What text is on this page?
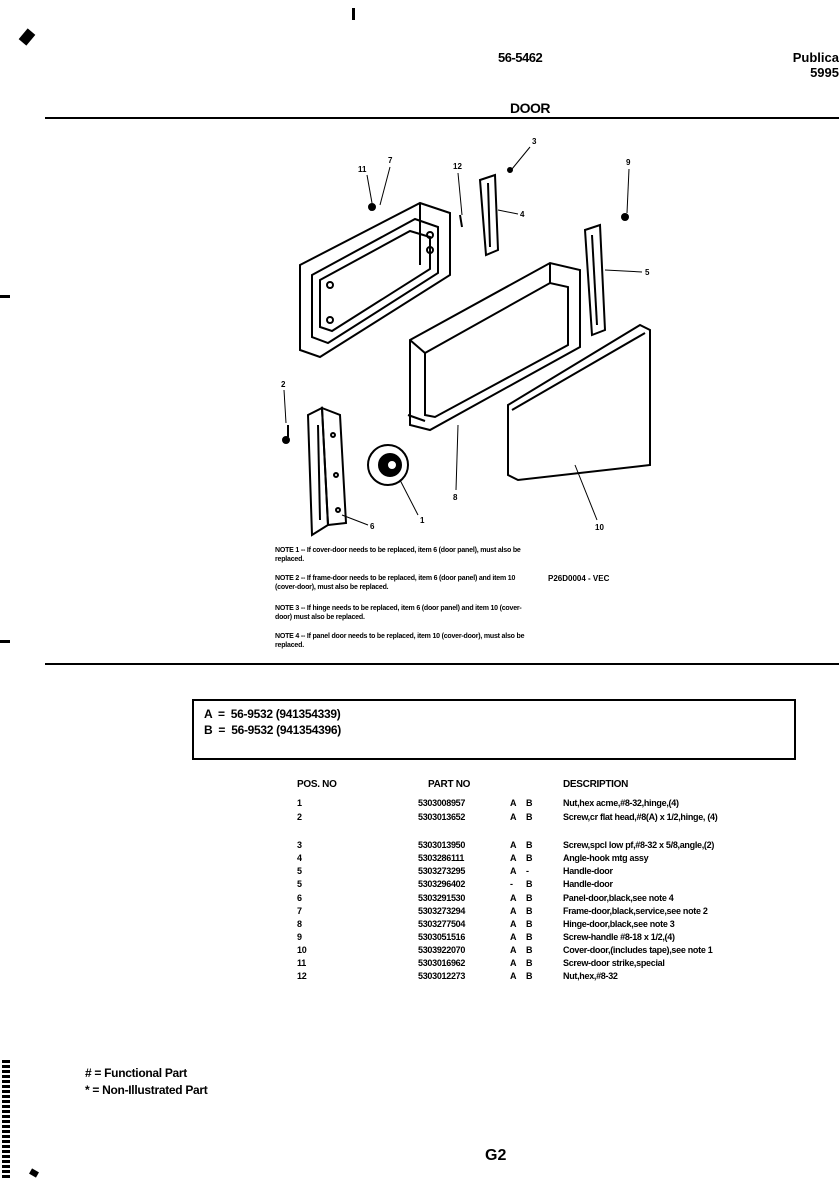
56-5462	Publica
5995
DOOR
11
7
12
3
4
9
5
2
8
6
1
10
NOTE 1 -- If cover-door needs to be replaced, item 6 (door panel), must also be replaced.
NOTE 2 -- If frame-door needs to be replaced, item 6 (door panel) and item 10 (cover-door), must also be replaced.
NOTE 3 -- If hinge needs to be replaced, item 6 (door panel) and item 10 (cover-door) must also be replaced.
NOTE 4 -- If panel door needs to be replaced, item 10 (cover-door), must also be replaced.
P26D0004 - VEC
A  =  56-9532 (941354339)
B  =  56-9532 (941354396)
POS. NO	PART NO	DESCRIPTION
1	5303008957	A B	Nut,hex acme,#8-32,hinge,(4)
2	5303013652	A B	Screw,cr flat head,#8(A) x 1/2,hinge, (4)
3	5303013950	A B	Screw,spcl low pf,#8-32 x 5/8,angle,(2)
4	5303286111	A B	Angle-hook mtg assy
5	5303273295	A -	Handle-door
5	5303296402	- B	Handle-door
6	5303291530	A B	Panel-door,black,see note 4
7	5303273294	A B	Frame-door,black,service,see note 2
8	5303277504	A B	Hinge-door,black,see note 3
9	5303051516	A B	Screw-handle #8-18 x 1/2,(4)
10	5303922070	A B	Cover-door,(includes tape),see note 1
11	5303016962	A B	Screw-door strike,special
12	5303012273	A B	Nut,hex,#8-32
# = Functional Part
* = Non-Illustrated Part
G2
